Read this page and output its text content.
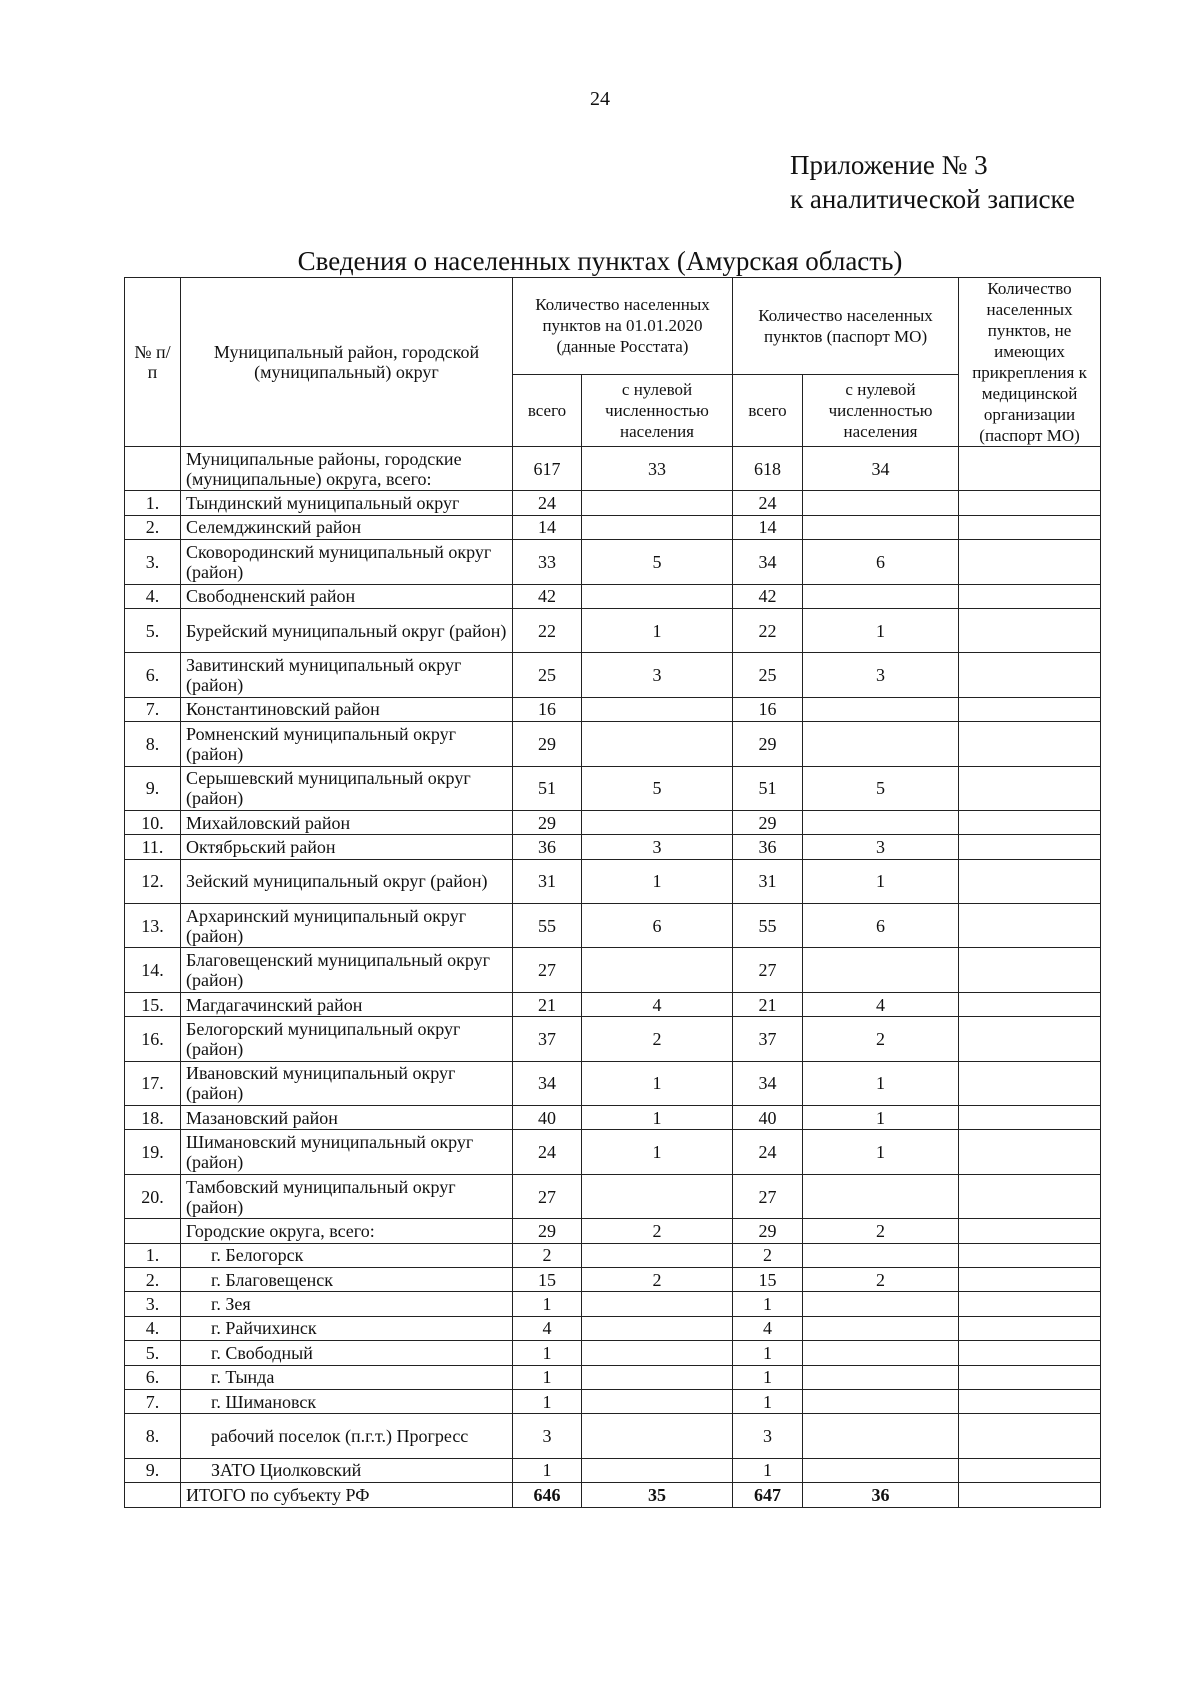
24
Приложение № 3
к аналитической записке
Сведения о населенных пунктах (Амурская область)
№ п/п	Муниципальный район, городской (муниципальный) округ	Количество населенных пунктов на 01.01.2020 (данные Росстата)		Количество населенных пунктов (паспорт МО)		Количество населенных пунктов, не имеющих прикрепления к медицинской организации (паспорт МО)
		всего	с нулевой численностью населения	всего	с нулевой численностью населения	
	Муниципальные районы, городские (муниципальные) округа, всего:	617	33	618	34	
1.	Тындинский муниципальный округ	24		24		
2.	Селемджинский район	14		14		
3.	Сковородинский муниципальный округ (район)	33	5	34	6	
4.	Свободненский район	42		42		
5.	Бурейский муниципальный округ (район)	22	1	22	1	
6.	Завитинский муниципальный округ (район)	25	3	25	3	
7.	Константиновский район	16		16		
8.	Ромненский муниципальный округ (район)	29		29		
9.	Серышевский муниципальный округ (район)	51	5	51	5	
10.	Михайловский район	29		29		
11.	Октябрьский район	36	3	36	3	
12.	Зейский муниципальный округ (район)	31	1	31	1	
13.	Архаринский муниципальный округ (район)	55	6	55	6	
14.	Благовещенский муниципальный округ (район)	27		27		
15.	Магдагачинский район	21	4	21	4	
16.	Белогорский муниципальный округ (район)	37	2	37	2	
17.	Ивановский муниципальный округ (район)	34	1	34	1	
18.	Мазановский район	40	1	40	1	
19.	Шимановский муниципальный округ (район)	24	1	24	1	
20.	Тамбовский муниципальный округ (район)	27		27		
	Городские округа, всего:	29	2	29	2	
1.	г. Белогорск	2		2		
2.	г. Благовещенск	15	2	15	2	
3.	г. Зея	1		1		
4.	г. Райчихинск	4		4		
5.	г. Свободный	1		1		
6.	г. Тында	1		1		
7.	г. Шимановск	1		1		
8.	рабочий поселок (п.г.т.) Прогресс	3		3		
9.	ЗАТО Циолковский	1		1		
	ИТОГО по субъекту РФ	646	35	647	36	
